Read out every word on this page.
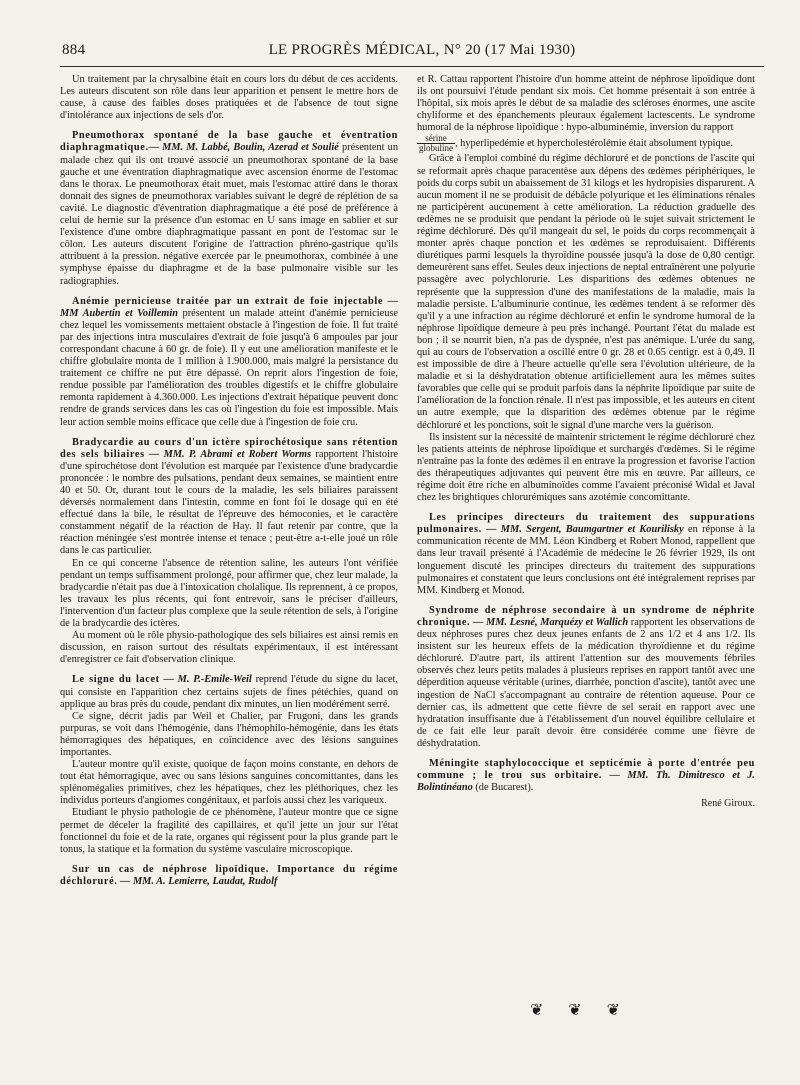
884	LE PROGRÈS MÉDICAL, N° 20 (17 Mai 1930)

Un traitement par la chrysalbine était en cours lors du début de ces accidents. Les auteurs discutent son rôle dans leur apparition et pensent le mettre hors de cause, à cause des faibles doses pratiquées et de l'absence de tout signe d'intolérance aux injections de sels d'or.

Pneumothorax spontané de la base gauche et éventration diaphragmatique.— MM. M. Labbé, Boulin, Azerad et Soulié présentent un malade chez qui ils ont trouvé associé un pneumothorax spontané de la base gauche et une éventration diaphragmatique avec ascension énorme de l'estomac dans le thorax. Le pneumothorax était muet, mais l'estomac attiré dans le thorax donnait des signes de pneumothorax variables suivant le degré de réplétion de sa cavité. Le diagnostic d'éventration diaphragmatique a été posé de préférence à celui de hernie sur la présence d'un estomac en U sans image en sablier et sur l'existence d'une ombre diaphragmatique passant en pont de l'estomac sur le côlon. Les auteurs discutent l'origine de l'attraction phréno-gastrique qu'ils attribuent à la pression. négative exercée par le pneumothorax, combinée à une symphyse épaisse du diaphragme et de la base pulmonaire visible sur les radiographies.

Anémie pernicieuse traitée par un extrait de foie injectable — MM Aubertin et Voillemin présentent un malade atteint d'anémie pernicieuse chez lequel les vomissements mettaient obstacle à l'ingestion de foie. Il fut traité par des injections intra musculaires d'extrait de foie jusqu'à 6 ampoules par jour correspondant chacune à 60 gr. de foie). Il y eut une amélioration manifeste et le chiffre globulaire monta de 1 million à 1.900.000, mais malgré la persistance du traitement ce chiffre ne put être dépassé. On reprit alors l'ingestion de foie, rendue possible par l'amélioration des troubles digestifs et le chiffre globulaire remonta rapidement à 4.360.000. Les injections d'extrait hépatique peuvent donc rendre de grands services dans les cas où l'ingestion du foie est impossible. Mais leur action semble moins efficace que celle due à l'ingestion de foie cru.

Bradycardie au cours d'un ictère spirochétosique sans rétention des sels biliaires — MM. P. Abrami et Robert Worms rapportent l'histoire d'une spirochétose dont l'évolution est marquée par l'existence d'une bradycardie prononcée : le nombre des pulsations, pendant deux semaines, se maintient entre 40 et 50. Or, durant tout le cours de la maladie, les sels biliaires paraissent déversés normalement dans l'intestin, comme en font foi le dosage qui en été effectué dans la bile, le résultat de l'épreuve des hémoconies, et le caractère constamment négatif de la réaction de Hay. Il faut retenir par contre, que la réaction méningée s'est montrée intense et tenace ; peut-être a-t-elle joué un rôle dans le cas particulier.

En ce qui concerne l'absence de rétention saline, les auteurs l'ont vérifiée pendant un temps suffisamment prolongé, pour affirmer que, chez leur malade, la bradycardie n'était pas due à l'intoxication cholalique. Ils reprennent, à ce propos, les travaux les plus récents, qui font entrevoir, sans le préciser d'ailleurs, l'intervention d'un facteur plus complexe que la seule rétention de sels, à l'origine de la bradycardie des ictères.

Au moment où le rôle physio-pathologique des sels biliaires est ainsi remis en discussion, en raison surtout des résultats expérimentaux, il est intéressant d'enregistrer ce fait d'observation clinique.

Le signe du lacet — M. P.-Emile-Weil reprend l'étude du signe du lacet, qui consiste en l'apparition chez certains sujets de fines pétéchies, quand on applique au bras près du coude, pendant dix minutes, un lien modérément serré.

Ce signe, décrit jadis par Weil et Chalier, par Frugoni, dans les grands purpuras, se voit dans l'hémogénie, dans l'hémophilo-hémogénie, dans les états hémorragiques des hépatiques, en coïncidence avec des lésions sanguines importantes.

L'auteur montre qu'il existe, quoique de façon moins constante, en dehors de tout état hémorragique, avec ou sans lésions sanguines concomittantes, dans les splénomégalies primitives, chez les hépatiques, chez les pléthoriques, chez les individus porteurs d'angiomes congénitaux, et parfois aussi chez les variqueux.

Etudiant le physio pathologie de ce phénomène, l'auteur montre que ce signe permet de déceler la fragilité des capillaires, et qu'il jette un jour sur l'état fonctionnel du foie et de la rate, organes qui régissent pour la plus grande part le tonus, la statique et la formation du système vasculaire microscopique.

Sur un cas de néphrose lipoïdique. Importance du régime déchloruré. — MM. A. Lemierre, Laudat, Rudolf

et R. Cattau rapportent l'histoire d'un homme atteint de néphrose lipoïdique dont ils ont poursuivi l'étude pendant six mois. Cet homme présentait à son entrée à l'hôpital, six mois après le début de sa maladie des scléroses énormes, une ascite chyliforme et des épanchements pleuraux également lactescents. Le syndrome humoral de la néphrose lipoïdique : hypo-albuminémie, inversion du rapport

$\frac{\text{sérine}}{\text{globuline}}$ , hyperlipedémie et hypercholestérolémie était absolument typique.

Grâce à l'emploi combiné du régime déchloruré et de ponctions de l'ascite qui se reformait après chaque paracentèse aux dépens des œdèmes périphériques, le poids du corps subit un abaissement de 31 kilogs et les hydropisies disparurent. A aucun moment il ne se produisit de débâcle polyurique et les éliminations rénales ne participèrent aucunement à cette amélioration. La réduction graduelle des œdèmes ne se produisit que pendant la période où le sujet suivait strictement le régime déchloruré. Dès qu'il mangeait du sel, le poids du corps recommençait à monter après chaque ponction et les œdèmes se reproduisaient. Différents diurétiques parmi lesquels la thyroïdine poussée jusqu'à la dose de 0,80 centigr. demeurèrent sans effet. Seules deux injections de neptal entraînèrent une polyurie passagère avec polychlorurie. Les disparitions des œdèmes obtenues ne représente que la suppression d'une des manifestations de la maladie, mais la maladie persiste. L'albuminurie continue, les œdèmes tendent à se reformer dès qu'il y a une infraction au régime déchloruré et enfin le syndrome humoral de la néphrose lipoïdique demeure à peu près inchangé. Pourtant l'état du malade est bon ; il se nourrit bien, n'a pas de dyspnée, n'est pas anémique. L'urée du sang, qui au cours de l'observation a oscillé entre 0 gr. 28 et 0.65 centigr. est à 0,49. Il est impossible de dire à l'heure actuelle qu'elle sera l'évolution ultérieure, de la maladie et si la déshydratation obtenue artificiellement aura les mêmes suites favorables que celle qui se produit parfois dans la néphrite lipoïdique par suite de l'amélioration de la fonction rénale. Il n'est pas impossible, et les auteurs en citent un autre exemple, que la disparition des œdèmes obtenue par le régime déchloruré et les ponctions, soit le signal d'une marche vers la guérison.

Ils insistent sur la nécessité de maintenir strictement le régime déchloruré chez les patients atteints de néphrose lipoïdique et surchargés d'œdèmes. Si le régime n'entraîne pas la fonte des œdèmes il en entrave la progression et favorise l'action des thérapeutiques adjuvantes qui peuvent être mis en œuvre. Par ailleurs, ce régime doit être riche en albuminoïdes comme l'avaient préconisé Widal et Javal chez les brightiques chlorurémiques sans azotémie concomittante.

Les principes directeurs du traitement des suppurations pulmonaires. — MM. Sergent, Baumgartner et Kourilisky en réponse à la communication récente de MM. Léon Kindberg et Robert Monod, rappellent que dans leur travail présenté à l'Académie de médecine le 26 février 1929, ils ont longuement discuté les principes directeurs du traitement des suppurations pulmonaires et constatent que leurs conclusions ont été intégralement reprises par MM. Kindberg et Monod.

Syndrome de néphrose secondaire à un syndrome de néphrite chronique. — MM. Lesné, Marquézy et Wallich rapportent les observations de deux néphroses pures chez deux jeunes enfants de 2 ans 1/2 et 4 ans 1/2. Ils insistent sur les heureux effets de la médication thyroïdienne et du régime déchloruré. D'autre part, ils attirent l'attention sur des mouvements fébriles observés chez leurs petits malades à plusieurs reprises en rapport tantôt avec une déperdition aqueuse véritable (urines, diarrhée, ponction d'ascite), tantôt avec une ingestion de NaCl s'accompagnant au contraire de rétention aqueuse. Pour ce dernier cas, ils admettent que cette fièvre de sel serait en rapport avec une hydratation insuffisante due à l'établissement d'un nouvel équilibre cellulaire et de ce fait elle leur paraît devoir être considérée comme une fièvre de déshydratation.

Méningite staphylococcique et septicémie à porte d'entrée peu commune ; le trou sus orbitaire. — MM. Th. Dimitresco et J. Bolintinéano (de Bucarest).

René Giroux.
❦ ❦ ❦
